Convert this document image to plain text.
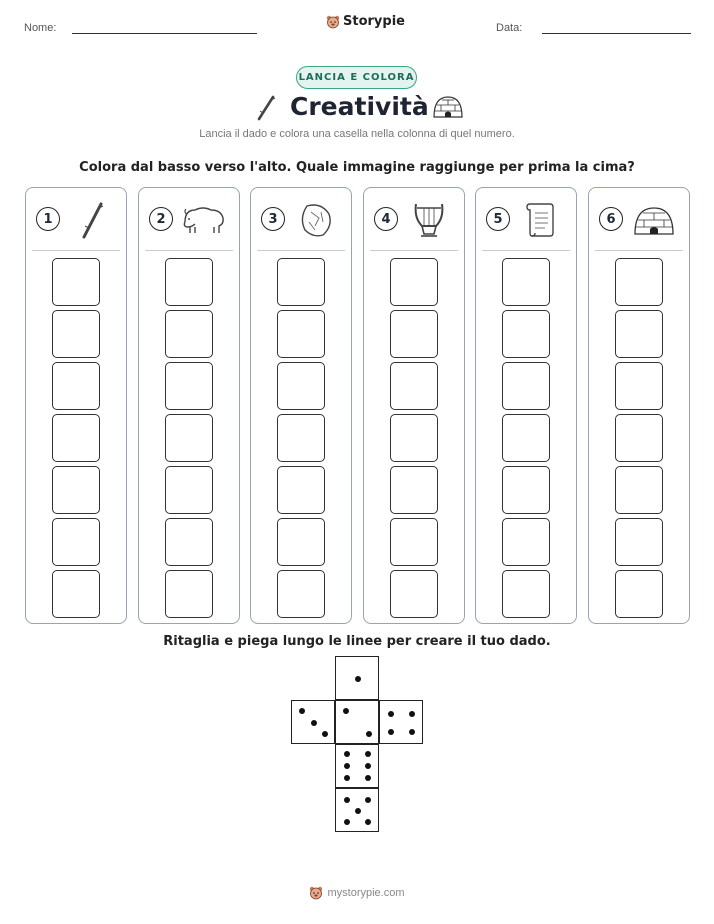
Nome:	Storypie	Data:
LANCIA E COLORA
Creatività
Lancia il dado e colora una casella nella colonna di quel numero.
Colora dal basso verso l'alto. Quale immagine raggiunge per prima la cima?
1	2	3	4	5	6
Ritaglia e piega lungo le linee per creare il tuo dado.
mystorypie.com
